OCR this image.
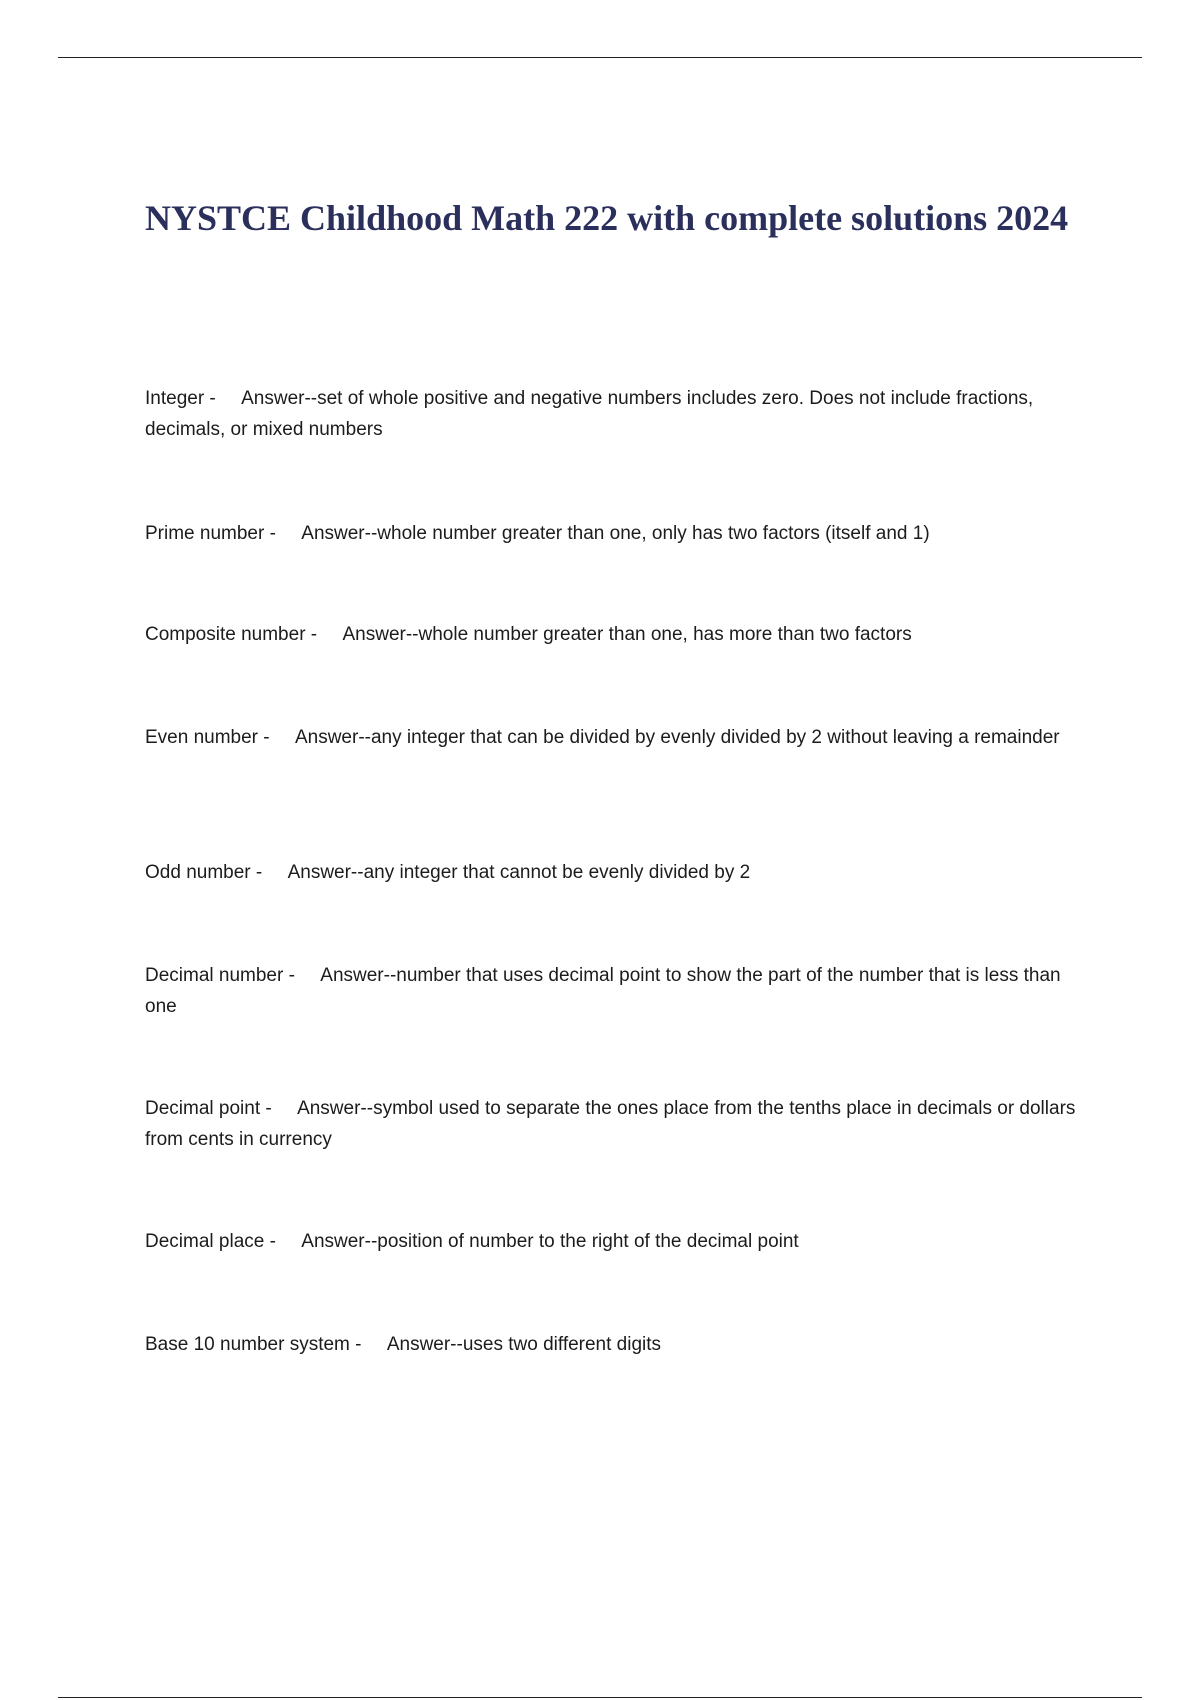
NYSTCE Childhood Math 222 with complete solutions 2024
Integer -     Answer--set of whole positive and negative numbers includes zero. Does not include fractions, decimals, or mixed numbers
Prime number -     Answer--whole number greater than one, only has two factors (itself and 1)
Composite number -     Answer--whole number greater than one, has more than two factors
Even number -     Answer--any integer that can be divided by evenly divided by 2 without leaving a remainder
Odd number -     Answer--any integer that cannot be evenly divided by 2
Decimal number -     Answer--number that uses decimal point to show the part of the number that is less than one
Decimal point -     Answer--symbol used to separate the ones place from the tenths place in decimals or dollars from cents in currency
Decimal place -     Answer--position of number to the right of the decimal point
Base 10 number system -     Answer--uses two different digits
